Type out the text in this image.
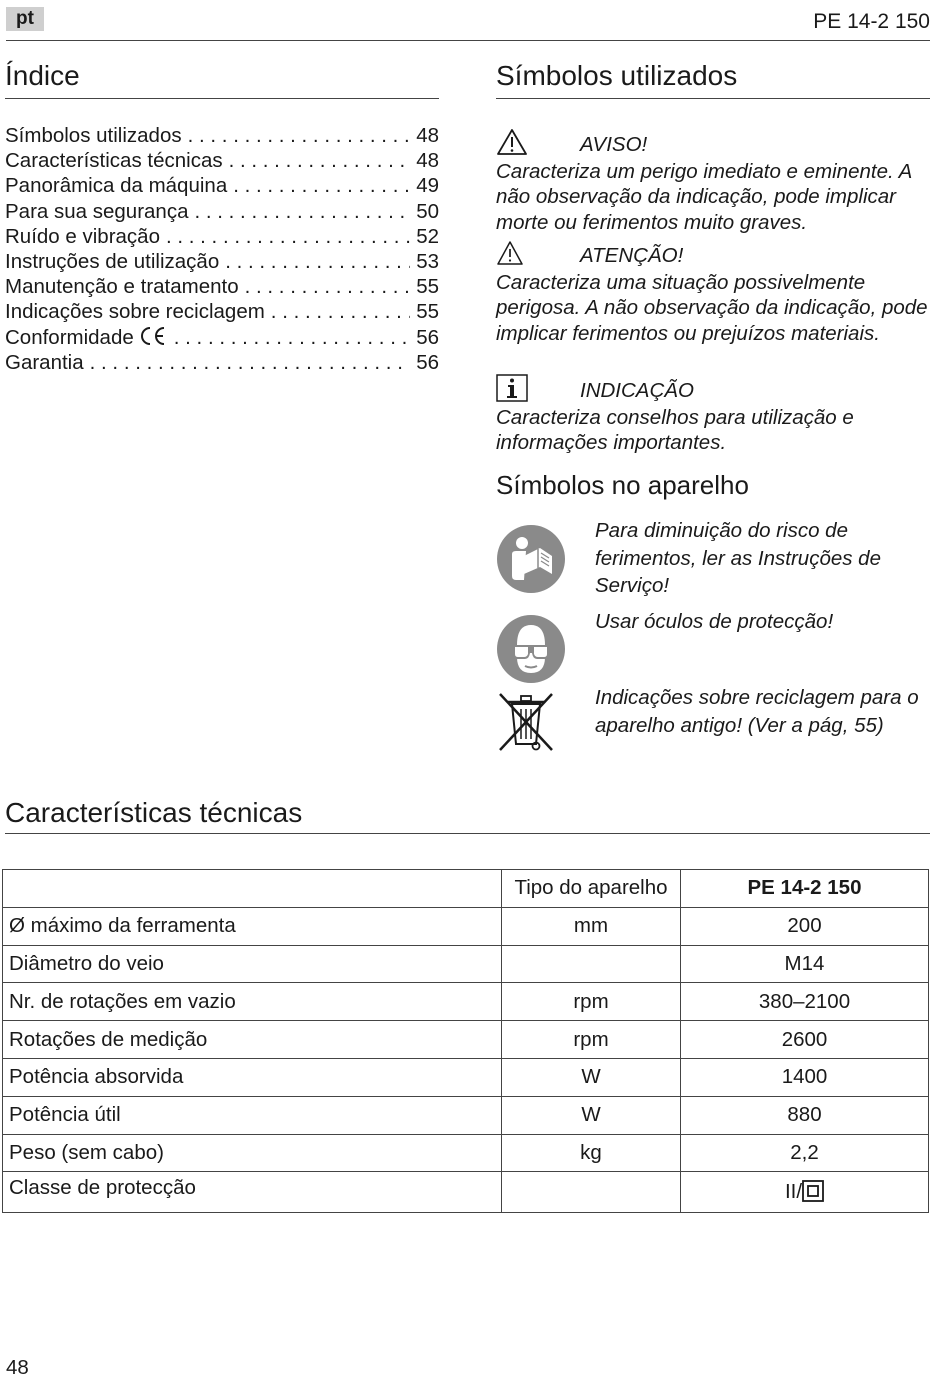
pt	PE 14-2 150
Índice
Símbolos utilizados . . .	48
Características técnicas . . .	48
Panorâmica da máquina . . .	49
Para sua segurança . . .	50
Ruído e vibração . . .	52
Instruções de utilização . . .	53
Manutenção e tratamento . . .	55
Indicações sobre reciclagem . . .	55
Conformidade . . .	56
Garantia . . .	56
Símbolos utilizados
AVISO!
Caracteriza um perigo imediato e eminente. A não observação da indicação, pode implicar morte ou ferimentos muito graves.
ATENÇÃO!
Caracteriza uma situação possivelmente perigosa. A não observação da indicação, pode implicar ferimentos ou prejuízos materiais.
INDICAÇÃO
Caracteriza conselhos para utilização e informações importantes.
Símbolos no aparelho
Para diminuição do risco de ferimentos, ler as Instruções de Serviço!
Usar óculos de protecção!
Indicações sobre reciclagem para o aparelho antigo! (Ver a pág, 55)
Características técnicas
	Tipo do aparelho	PE 14-2 150
Ø máximo da ferramenta	mm	200
Diâmetro do veio		M14
Nr. de rotações em vazio	rpm	380–2100
Rotações de medição	rpm	2600
Potência absorvida	W	1400
Potência útil	W	880
Peso (sem cabo)	kg	2,2
Classe de protecção		II/
48
